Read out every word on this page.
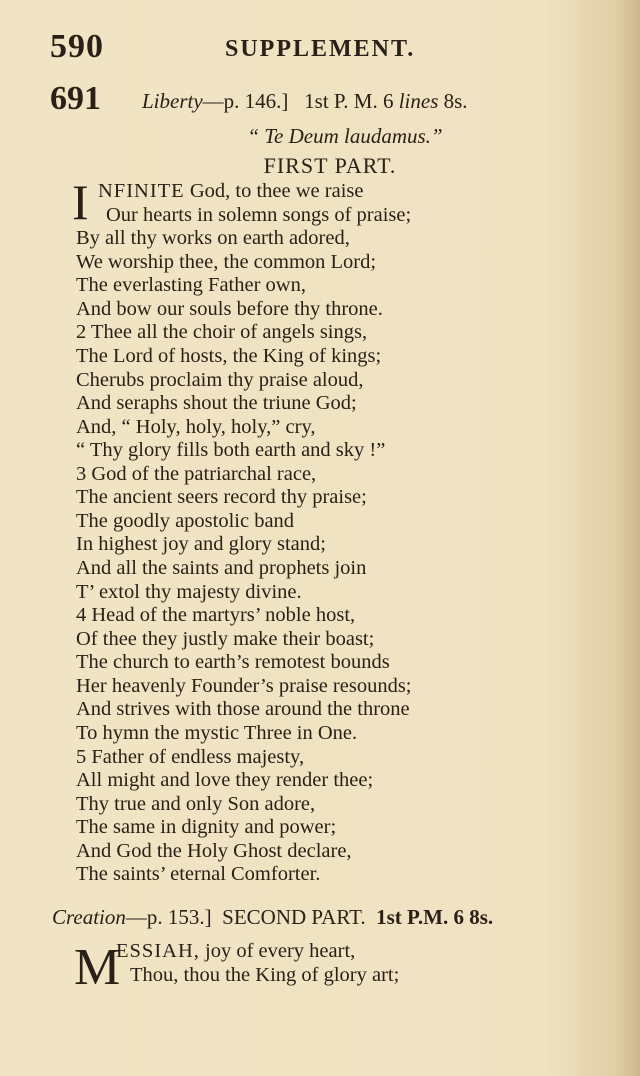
590	SUPPLEMENT.
691 Liberty—p. 146.] 1st P. M. 6 lines 8s.
“ Te Deum laudamus.”
FIRST PART.
I NFINITE God, to thee we raise
Our hearts in solemn songs of praise;
By all thy works on earth adored,
We worship thee, the common Lord;
The everlasting Father own,
And bow our souls before thy throne.
2 Thee all the choir of angels sings,
The Lord of hosts, the King of kings;
Cherubs proclaim thy praise aloud,
And seraphs shout the triune God;
And, “ Holy, holy, holy,” cry,
“ Thy glory fills both earth and sky !”
3 God of the patriarchal race,
The ancient seers record thy praise;
The goodly apostolic band
In highest joy and glory stand;
And all the saints and prophets join
T’ extol thy majesty divine.
4 Head of the martyrs’ noble host,
Of thee they justly make their boast;
The church to earth’s remotest bounds
Her heavenly Founder’s praise resounds;
And strives with those around the throne
To hymn the mystic Three in One.
5 Father of endless majesty,
All might and love they render thee;
Thy true and only Son adore,
The same in dignity and power;
And God the Holy Ghost declare,
The saints’ eternal Comforter.
Creation—p. 153.] SECOND PART. 1st P.M. 6 8s.
M
ESSIAH, joy of every heart,
Thou, thou the King of glory art;
